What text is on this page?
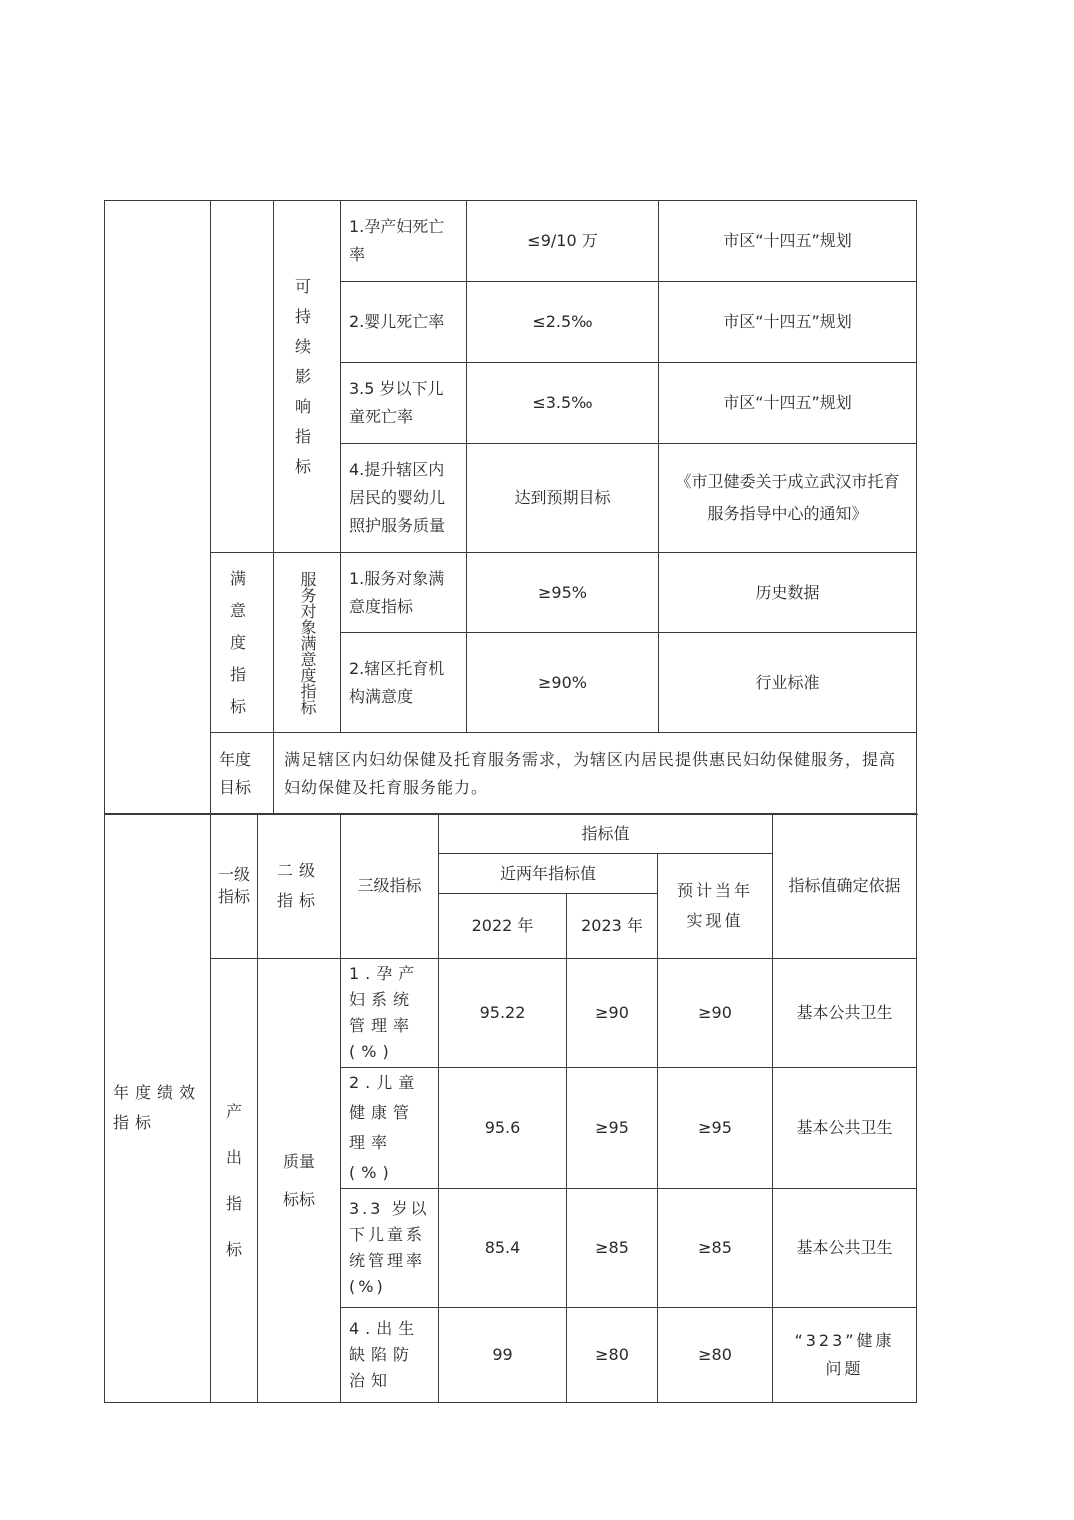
		可持续影响指标	1.孕产妇死亡率	≤9/10 万	市区“十四五”规划
			2.婴儿死亡率	≤2.5‰	市区“十四五”规划
			3.5 岁以下儿童死亡率	≤3.5‰	市区“十四五”规划
			4.提升辖区内居民的婴幼儿照护服务质量	达到预期目标	《市卫健委关于成立武汉市托育服务指导中心的通知》
	满意度指标	服务对象满意度指标	1.服务对象满意度指标	≥95%	历史数据
			2.辖区托育机构满意度	≥90%	行业标准
	年度目标	满足辖区内妇幼保健及托育服务需求，为辖区内居民提供惠民妇幼保健服务，提高妇幼保健及托育服务能力。			
年度绩效指标	一级指标	二级指标	三级指标	指标值			指标值确定依据
				近两年指标值		预计当年实现值	
				2022 年	2023 年		
	产出指标	质量标标	1.孕产妇系统管理率(%)	95.22	≥90	≥90	基本公共卫生
			2.儿童健康管理率(%)	95.6	≥95	≥95	基本公共卫生
			3.3 岁以下儿童系统管理率(%)	85.4	≥85	≥85	基本公共卫生
			4.出生缺陷防治知	99	≥80	≥80	“323”健康问题
